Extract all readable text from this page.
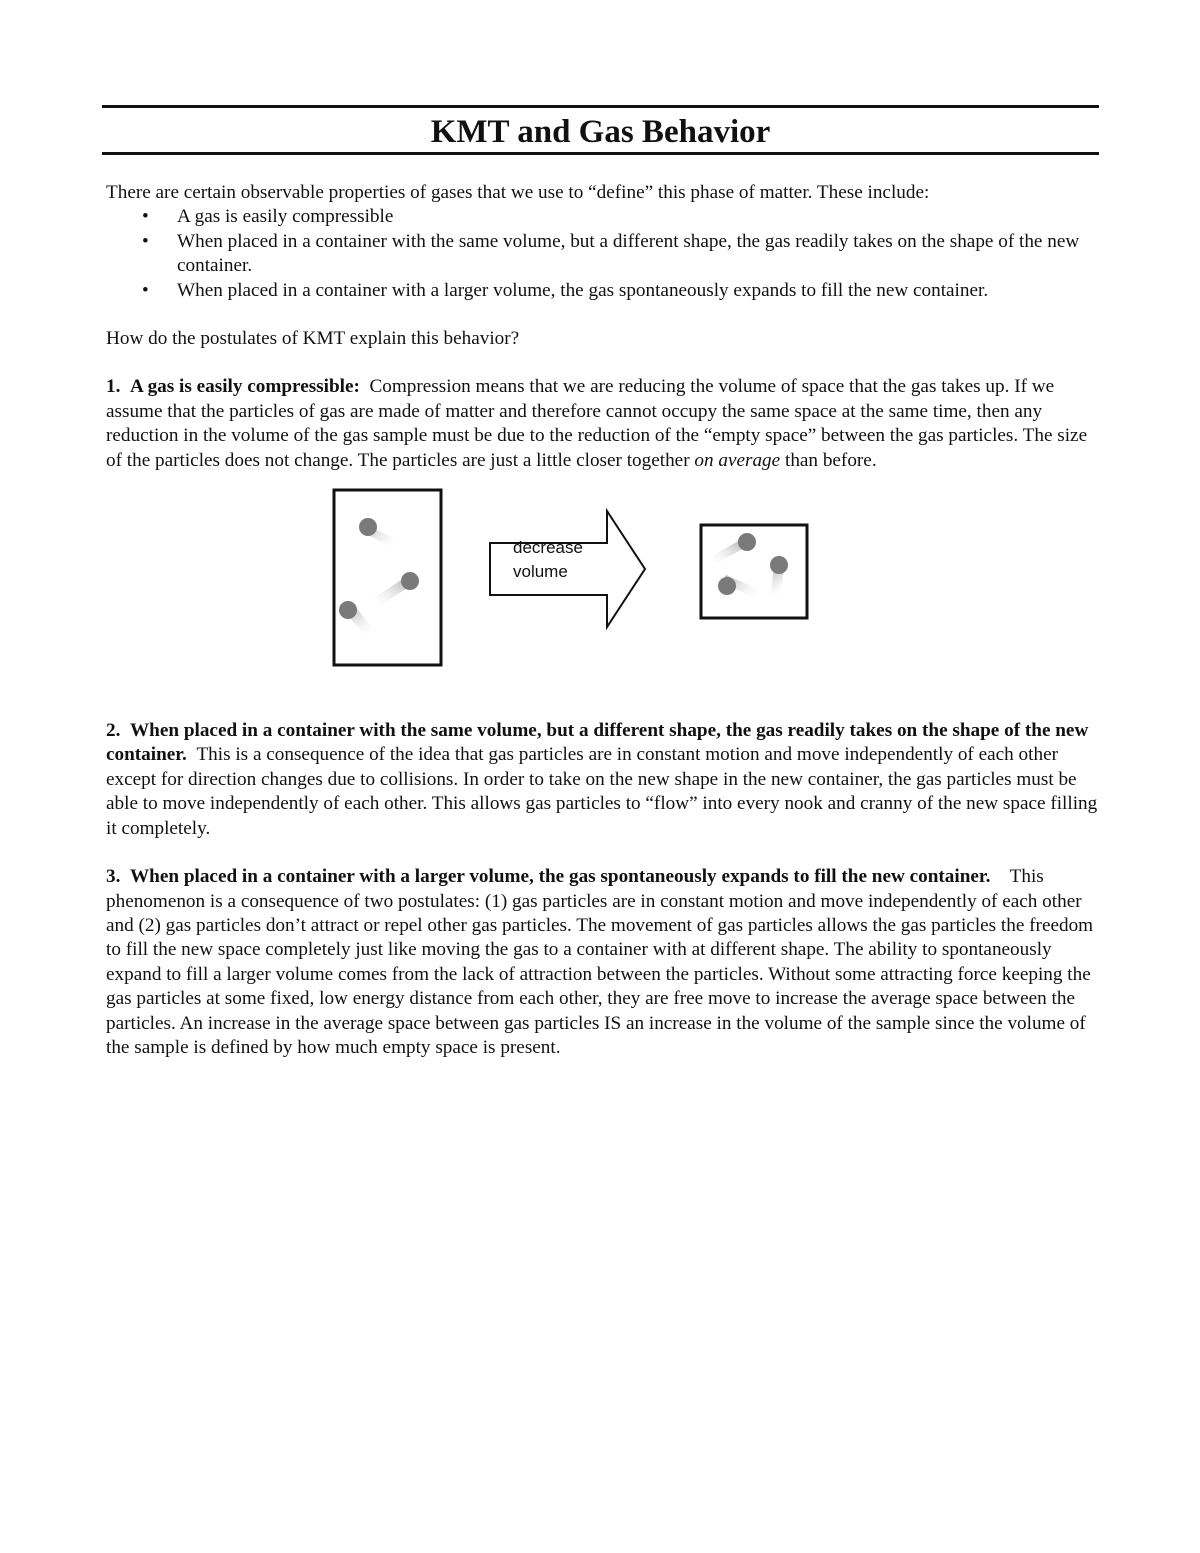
KMT and Gas Behavior

There are certain observable properties of gases that we use to “define” this phase of matter. These include:

• A gas is easily compressible
• When placed in a container with the same volume, but a different shape, the gas readily takes on the shape of the new container.
• When placed in a container with a larger volume, the gas spontaneously expands to fill the new container.

How do the postulates of KMT explain this behavior?

1. A gas is easily compressible: Compression means that we are reducing the volume of space that the gas takes up. If we assume that the particles of gas are made of matter and therefore cannot occupy the same space at the same time, then any reduction in the volume of the gas sample must be due to the reduction of the “empty space” between the gas particles. The size of the particles does not change. The particles are just a little closer together on average than before.

decrease
volume

2. When placed in a container with the same volume, but a different shape, the gas readily takes on the shape of the new container. This is a consequence of the idea that gas particles are in constant motion and move independently of each other except for direction changes due to collisions. In order to take on the new shape in the new container, the gas particles must be able to move independently of each other. This allows gas particles to “flow” into every nook and cranny of the new space filling it completely.

3. When placed in a container with a larger volume, the gas spontaneously expands to fill the new container. This phenomenon is a consequence of two postulates: (1) gas particles are in constant motion and move independently of each other and (2) gas particles don’t attract or repel other gas particles. The movement of gas particles allows the gas particles the freedom to fill the new space completely just like moving the gas to a container with at different shape. The ability to spontaneously expand to fill a larger volume comes from the lack of attraction between the particles. Without some attracting force keeping the gas particles at some fixed, low energy distance from each other, they are free move to increase the average space between the particles. An increase in the average space between gas particles IS an increase in the volume of the sample since the volume of the sample is defined by how much empty space is present.
